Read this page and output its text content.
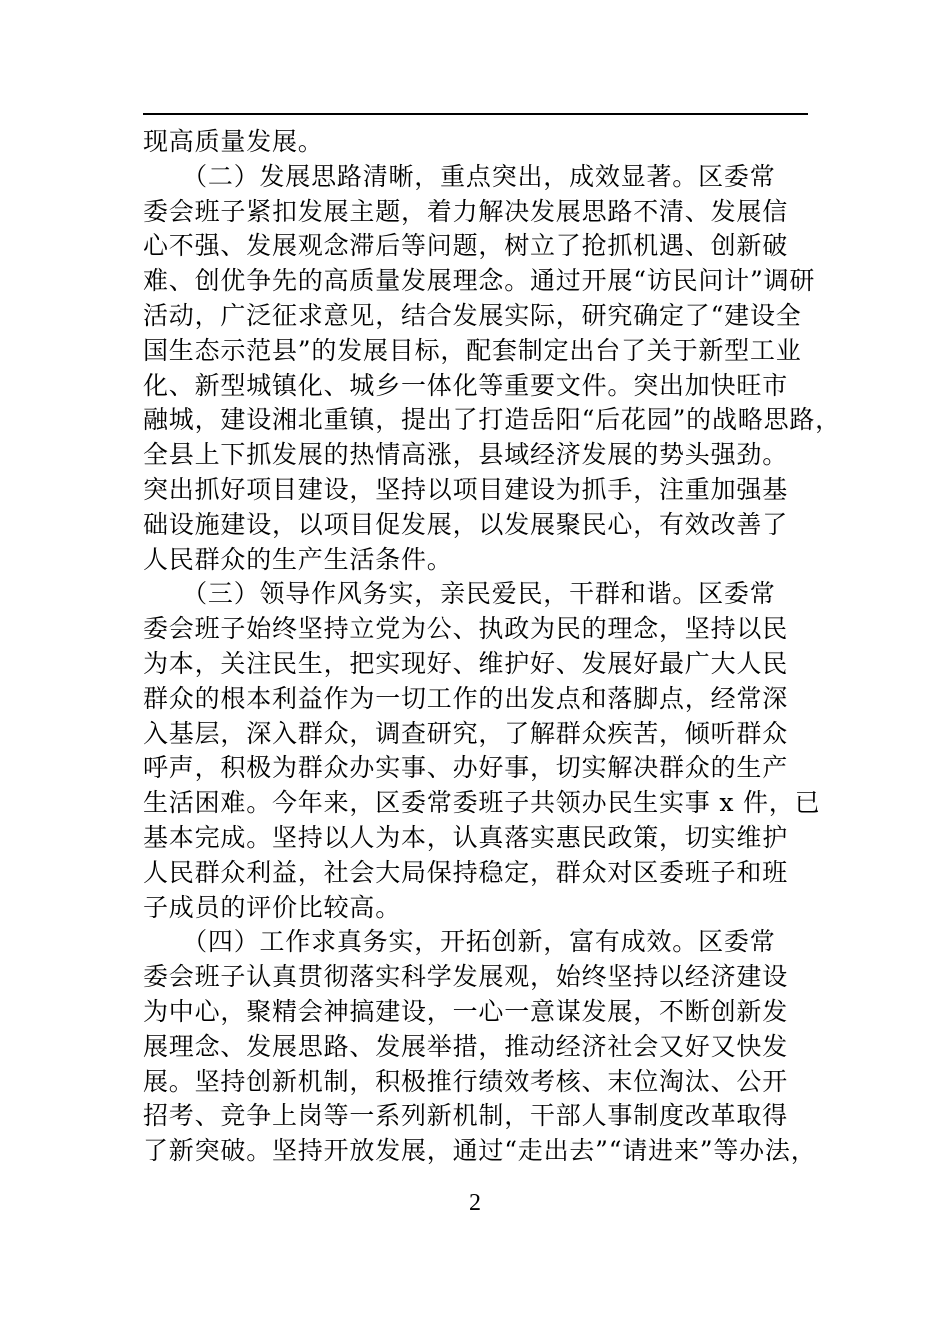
现高质量发展。
　　（二）发展思路清晰，重点突出，成效显著。区委常
委会班子紧扣发展主题，着力解决发展思路不清、发展信
心不强、发展观念滞后等问题，树立了抢抓机遇、创新破
难、创优争先的高质量发展理念。通过开展“访民问计”调研
活动，广泛征求意见，结合发展实际，研究确定了“建设全
国生态示范县”的发展目标，配套制定出台了关于新型工业
化、新型城镇化、城乡一体化等重要文件。突出加快旺市
融城，建设湘北重镇，提出了打造岳阳“后花园”的战略思路，
全县上下抓发展的热情高涨，县域经济发展的势头强劲。
突出抓好项目建设，坚持以项目建设为抓手，注重加强基
础设施建设，以项目促发展，以发展聚民心，有效改善了
人民群众的生产生活条件。
　　（三）领导作风务实，亲民爱民，干群和谐。区委常
委会班子始终坚持立党为公、执政为民的理念，坚持以民
为本，关注民生，把实现好、维护好、发展好最广大人民
群众的根本利益作为一切工作的出发点和落脚点，经常深
入基层，深入群众，调查研究，了解群众疾苦，倾听群众
呼声，积极为群众办实事、办好事，切实解决群众的生产
生活困难。今年来，区委常委班子共领办民生实事 x 件，已
基本完成。坚持以人为本，认真落实惠民政策，切实维护
人民群众利益，社会大局保持稳定，群众对区委班子和班
子成员的评价比较高。
　　（四）工作求真务实，开拓创新，富有成效。区委常
委会班子认真贯彻落实科学发展观，始终坚持以经济建设
为中心，聚精会神搞建设，一心一意谋发展，不断创新发
展理念、发展思路、发展举措，推动经济社会又好又快发
展。坚持创新机制，积极推行绩效考核、末位淘汰、公开
招考、竞争上岗等一系列新机制，干部人事制度改革取得
了新突破。坚持开放发展，通过“走出去”“请进来”等办法，
2
